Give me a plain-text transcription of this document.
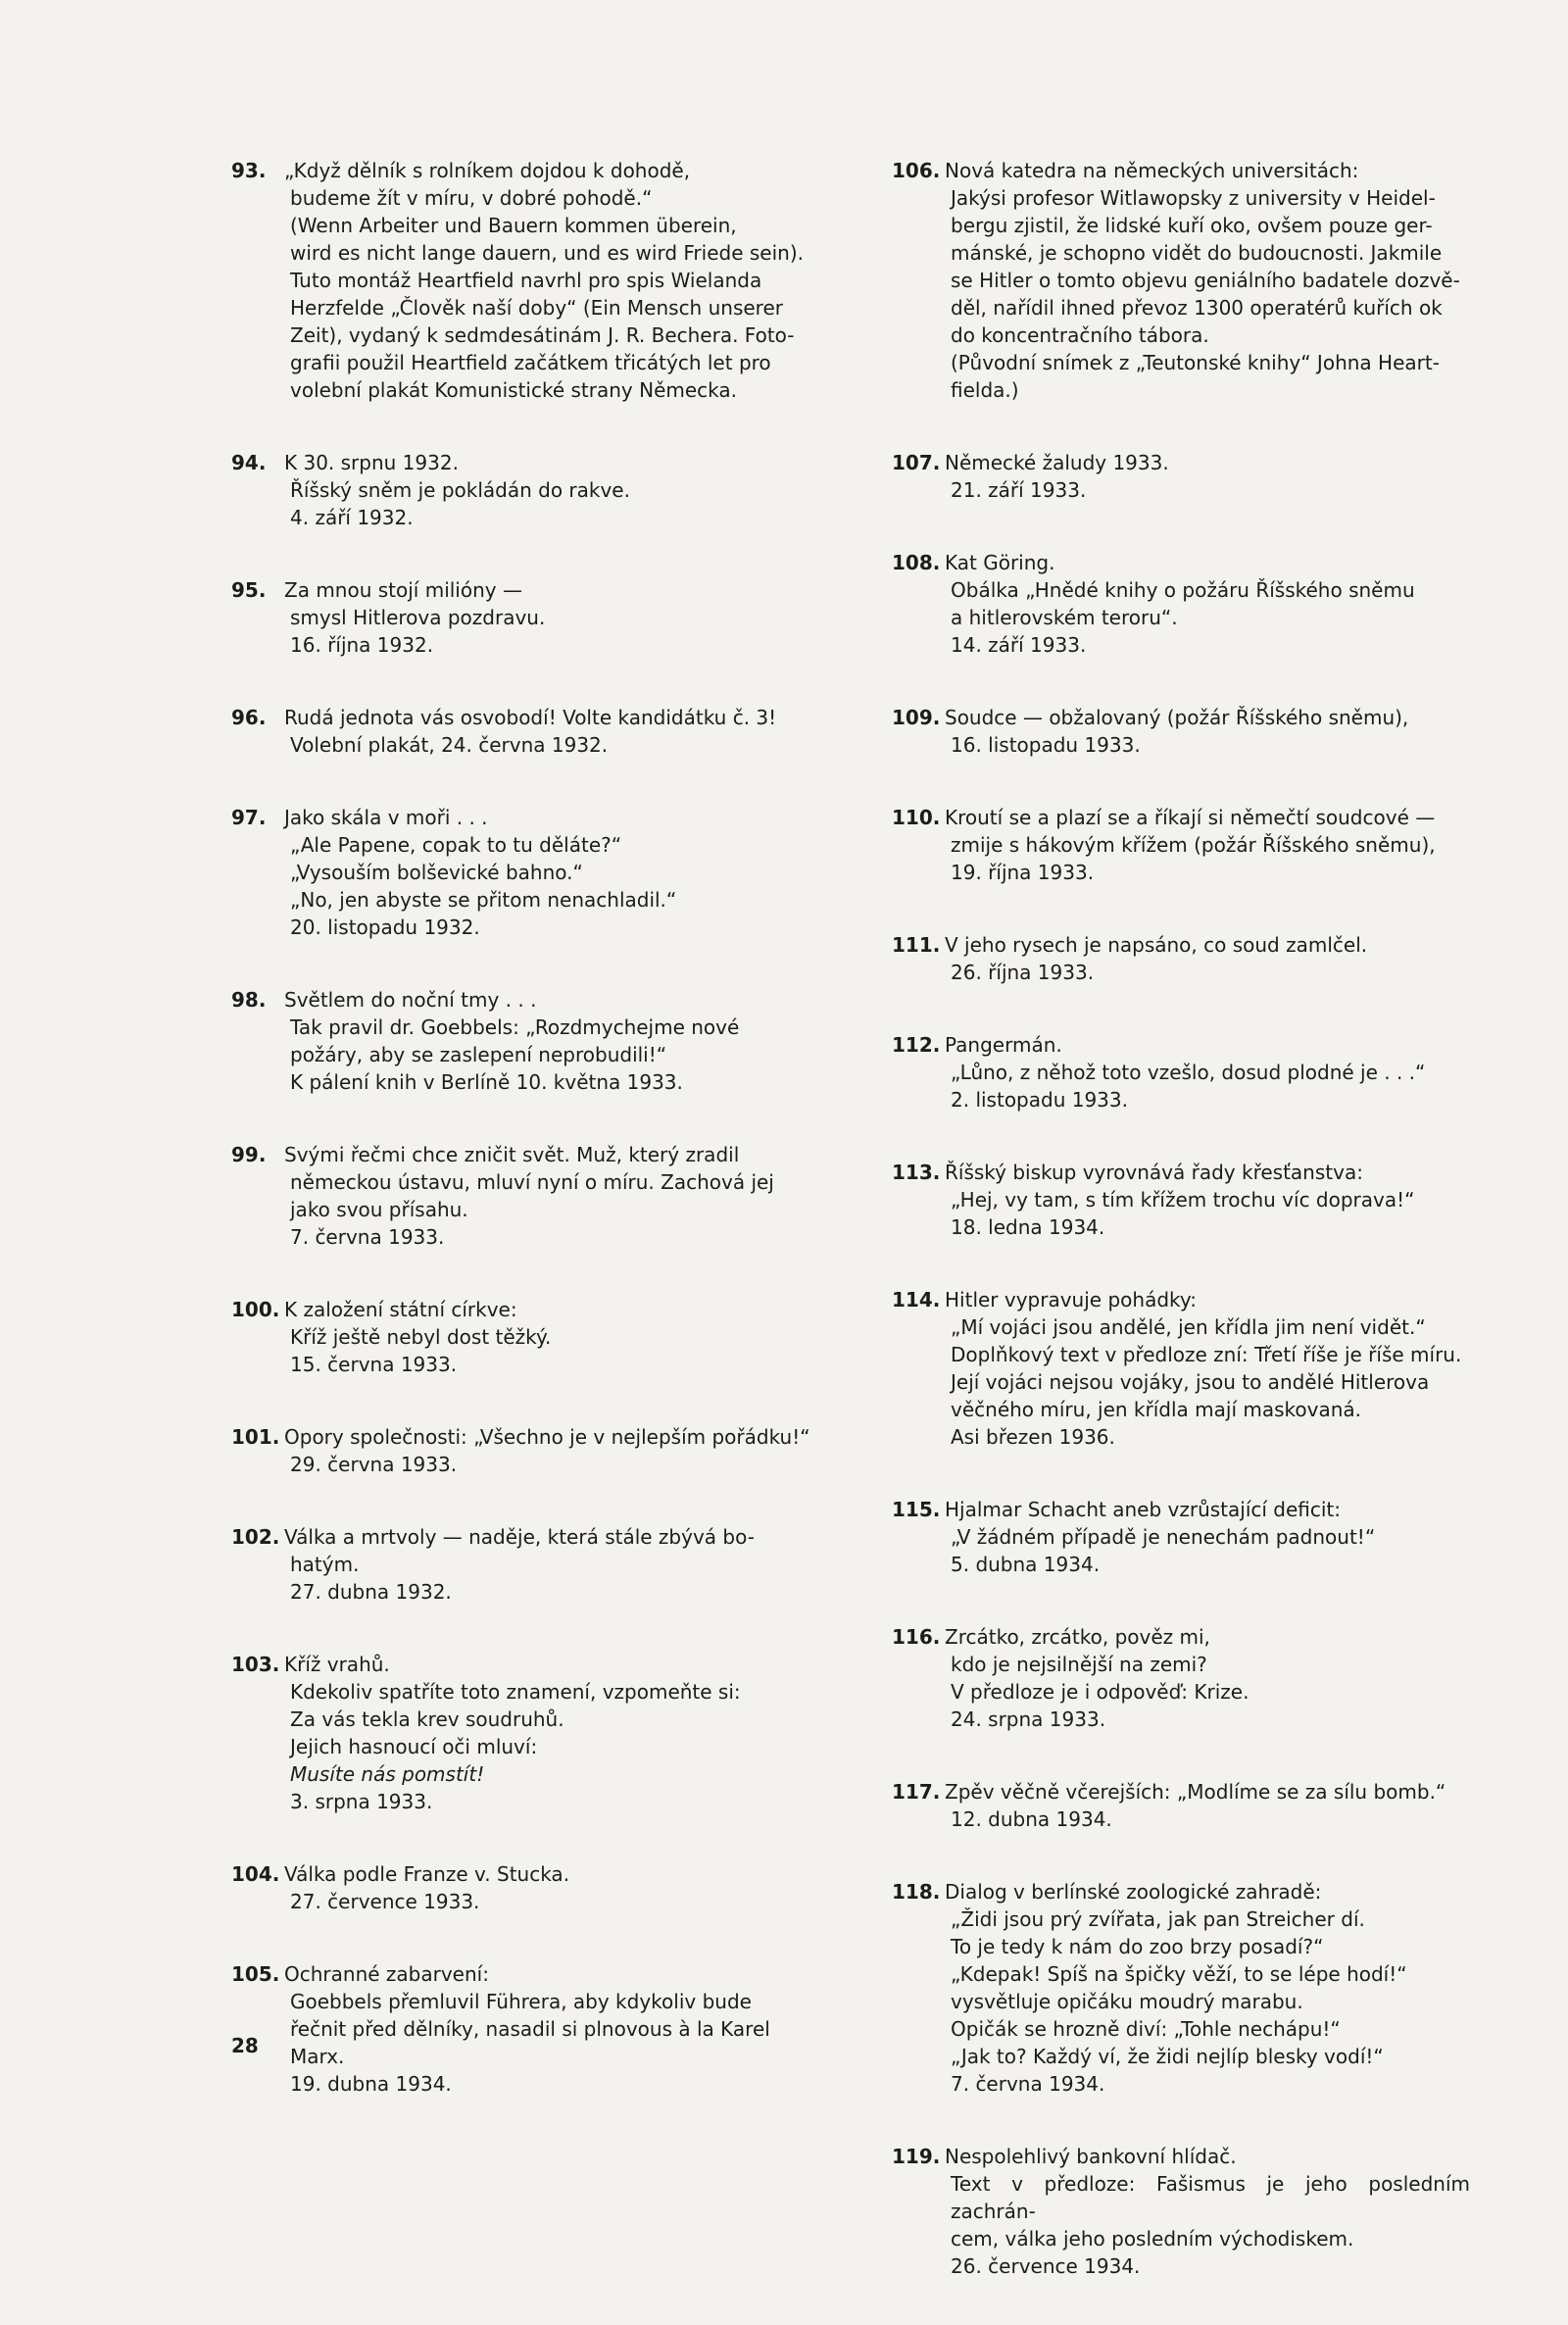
93. „Když dělník s rolníkem dojdou k dohodě,
budeme žít v míru, v dobré pohodě.“
(Wenn Arbeiter und Bauern kommen überein,
wird es nicht lange dauern, und es wird Friede sein).
Tuto montáž Heartfield navrhl pro spis Wielanda
Herzfelde „Člověk naší doby“ (Ein Mensch unserer
Zeit), vydaný k sedmdesátinám J. R. Bechera. Foto-
grafii použil Heartfield začátkem třicátých let pro
volební plakát Komunistické strany Německa.
94. K 30. srpnu 1932.
Říšský sněm je pokládán do rakve.
4. září 1932.
95. Za mnou stojí milióny —
smysl Hitlerova pozdravu.
16. října 1932.
96. Rudá jednota vás osvobodí! Volte kandidátku č. 3!
Volební plakát, 24. června 1932.
97. Jako skála v moři . . .
„Ale Papene, copak to tu děláte?“
„Vysouším bolševické bahno.“
„No, jen abyste se přitom nenachladil.“
20. listopadu 1932.
98. Světlem do noční tmy . . .
Tak pravil dr. Goebbels: „Rozdmychejme nové
požáry, aby se zaslepení neprobudili!“
K pálení knih v Berlíně 10. května 1933.
99. Svými řečmi chce zničit svět. Muž, který zradil
německou ústavu, mluví nyní o míru. Zachová jej
jako svou přísahu.
7. června 1933.
100. K založení státní církve:
Kříž ještě nebyl dost těžký.
15. června 1933.
101. Opory společnosti: „Všechno je v nejlepším pořádku!“
29. června 1933.
102. Válka a mrtvoly — naděje, která stále zbývá bo-
hatým.
27. dubna 1932.
103. Kříž vrahů.
Kdekoliv spatříte toto znamení, vzpomeňte si:
Za vás tekla krev soudruhů.
Jejich hasnoucí oči mluví:
Musíte nás pomstít!
3. srpna 1933.
104. Válka podle Franze v. Stucka.
27. července 1933.
105. Ochranné zabarvení:
Goebbels přemluvil Führera, aby kdykoliv bude
řečnit před dělníky, nasadil si plnovous à la Karel
Marx.
19. dubna 1934.
106. Nová katedra na německých universitách:
Jakýsi profesor Witlawopsky z university v Heidel-
bergu zjistil, že lidské kuří oko, ovšem pouze ger-
mánské, je schopno vidět do budoucnosti. Jakmile
se Hitler o tomto objevu geniálního badatele dozvě-
děl, nařídil ihned převoz 1300 operatérů kuřích ok
do koncentračního tábora.
(Původní snímek z „Teutonské knihy“ Johna Heart-
fielda.)
107. Německé žaludy 1933.
21. září 1933.
108. Kat Göring.
Obálka „Hnědé knihy o požáru Říšského sněmu
a hitlerovském teroru“.
14. září 1933.
109. Soudce — obžalovaný (požár Říšského sněmu),
16. listopadu 1933.
110. Kroutí se a plazí se a říkají si němečtí soudcové —
zmije s hákovým křížem (požár Říšského sněmu),
19. října 1933.
111. V jeho rysech je napsáno, co soud zamlčel.
26. října 1933.
112. Pangermán.
„Lůno, z něhož toto vzešlo, dosud plodné je . . .“
2. listopadu 1933.
113. Říšský biskup vyrovnává řady křesťanstva:
„Hej, vy tam, s tím křížem trochu víc doprava!“
18. ledna 1934.
114. Hitler vypravuje pohádky:
„Mí vojáci jsou andělé, jen křídla jim není vidět.“
Doplňkový text v předloze zní: Třetí říše je říše míru.
Její vojáci nejsou vojáky, jsou to andělé Hitlerova
věčného míru, jen křídla mají maskovaná.
Asi březen 1936.
115. Hjalmar Schacht aneb vzrůstající deficit:
„V žádném případě je nenechám padnout!“
5. dubna 1934.
116. Zrcátko, zrcátko, pověz mi,
kdo je nejsilnější na zemi?
V předloze je i odpověď: Krize.
24. srpna 1933.
117. Zpěv věčně včerejších: „Modlíme se za sílu bomb.“
12. dubna 1934.
118. Dialog v berlínské zoologické zahradě:
„Židi jsou prý zvířata, jak pan Streicher dí.
To je tedy k nám do zoo brzy posadí?“
„Kdepak! Spíš na špičky věží, to se lépe hodí!“
vysvětluje opičáku moudrý marabu.
Opičák se hrozně diví: „Tohle nechápu!“
„Jak to? Každý ví, že židi nejlíp blesky vodí!“
7. června 1934.
119. Nespolehlivý bankovní hlídač.
Text v předloze: Fašismus je jeho posledním zachrán-
cem, válka jeho posledním východiskem.
26. července 1934.
28
